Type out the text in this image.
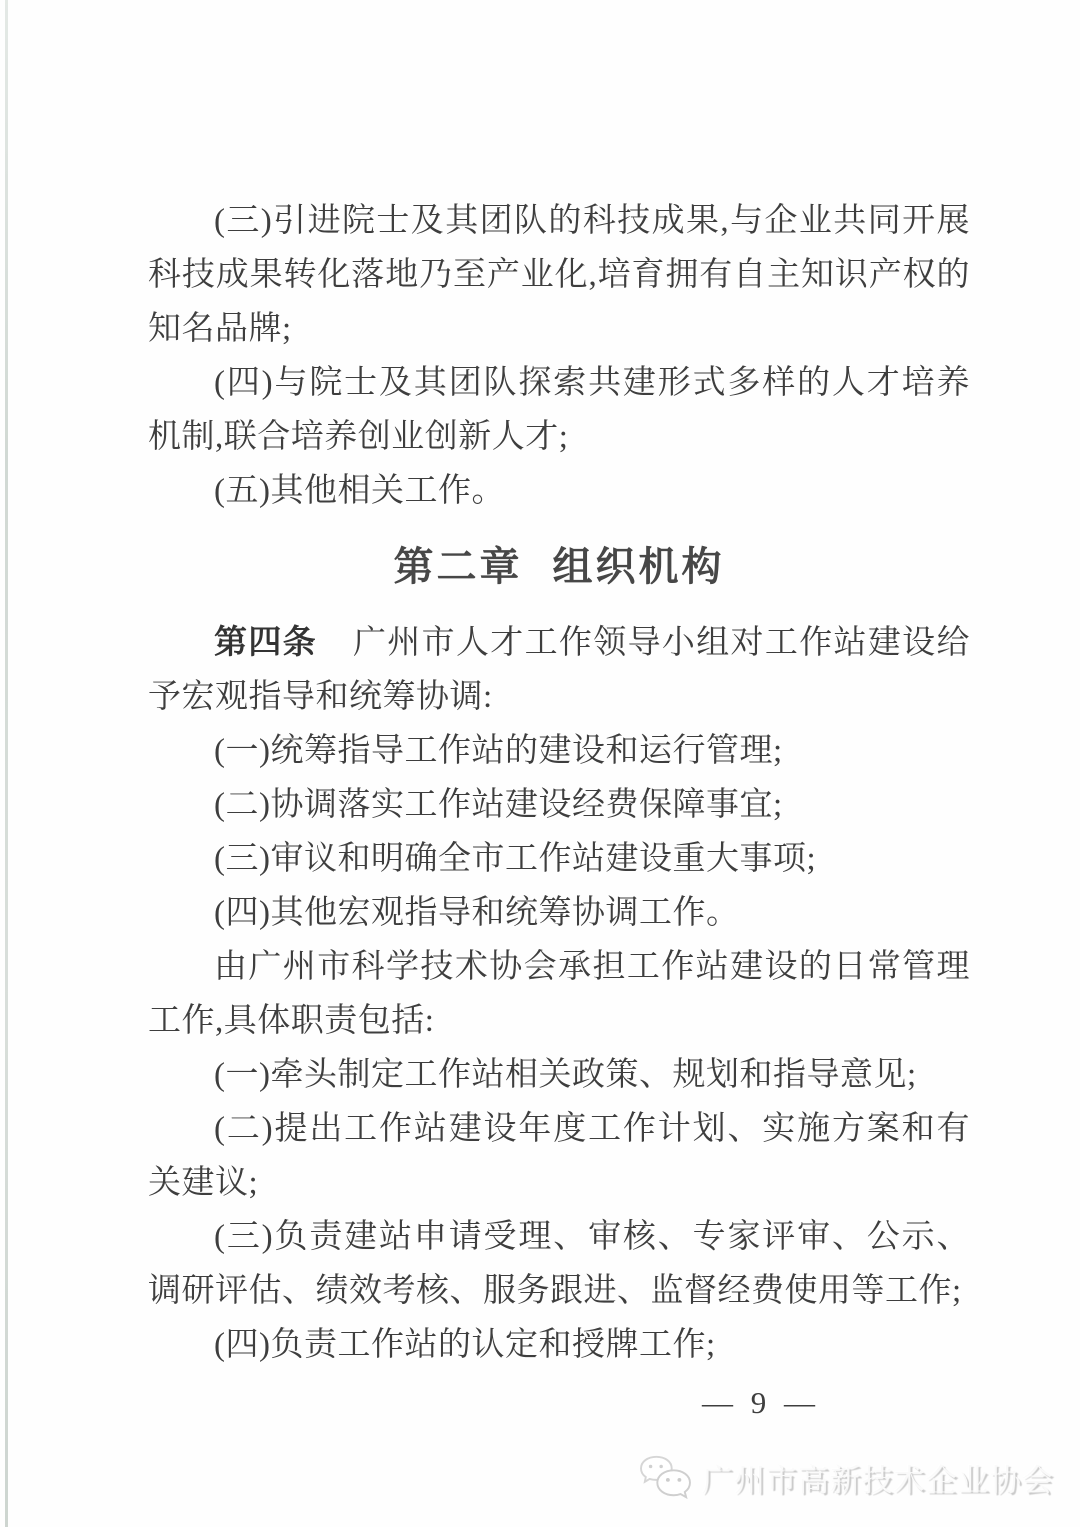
(三)引进院士及其团队的科技成果,与企业共同开展科技成果转化落地乃至产业化,培育拥有自主知识产权的知名品牌;

(四)与院士及其团队探索共建形式多样的人才培养机制,联合培养创业创新人才;

(五)其他相关工作。

第二章 组织机构

第四条 广州市人才工作领导小组对工作站建设给予宏观指导和统筹协调:

(一)统筹指导工作站的建设和运行管理;

(二)协调落实工作站建设经费保障事宜;

(三)审议和明确全市工作站建设重大事项;

(四)其他宏观指导和统筹协调工作。

由广州市科学技术协会承担工作站建设的日常管理工作,具体职责包括:

(一)牵头制定工作站相关政策、规划和指导意见;

(二)提出工作站建设年度工作计划、实施方案和有关建议;

(三)负责建站申请受理、审核、专家评审、公示、调研评估、绩效考核、服务跟进、监督经费使用等工作;

(四)负责工作站的认定和授牌工作;

— 9 —
广州市高新技术企业协会
